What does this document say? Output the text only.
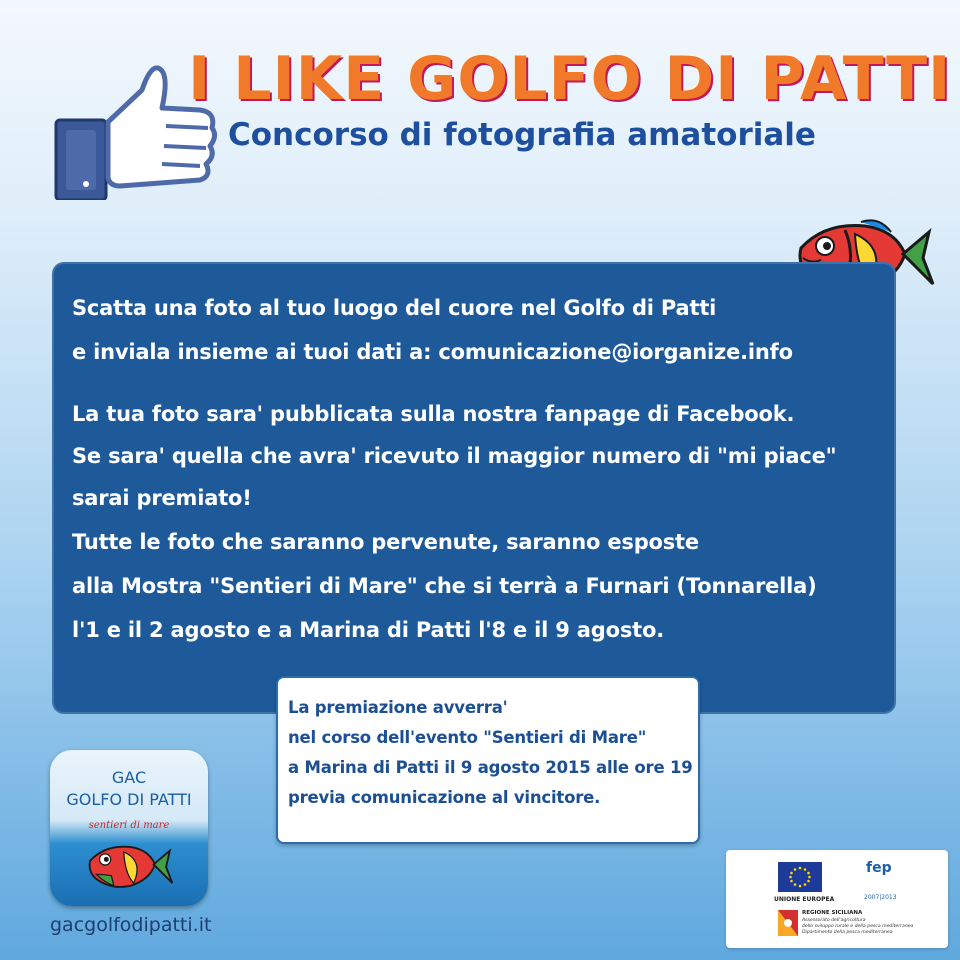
I LIKE GOLFO DI PATTI
Concorso di fotografia amatoriale
Scatta una foto al tuo luogo del cuore nel Golfo di Patti
e inviala insieme ai tuoi dati a: comunicazione@iorganize.info
La tua foto sara' pubblicata sulla nostra fanpage di Facebook.
Se sara' quella che avra' ricevuto il maggior numero di "mi piace"
sarai premiato!
Tutte le foto che saranno pervenute, saranno esposte
alla Mostra "Sentieri di Mare" che si terrà a Furnari (Tonnarella)
l'1 e il 2 agosto e a Marina di Patti l'8 e il 9 agosto.
La premiazione avverra'
nel corso dell'evento "Sentieri di Mare"
a Marina di Patti il 9 agosto 2015 alle ore 19
previa comunicazione al vincitore.
GAC
GOLFO DI PATTI
sentieri di mare
gacgolfodipatti.it
UNIONE EUROPEA
fep
2007|2013
REGIONE SICILIANA
Assessorato dell'agricoltura
dello sviluppo rurale e della pesca mediterranea
Dipartimento della pesca mediterranea
